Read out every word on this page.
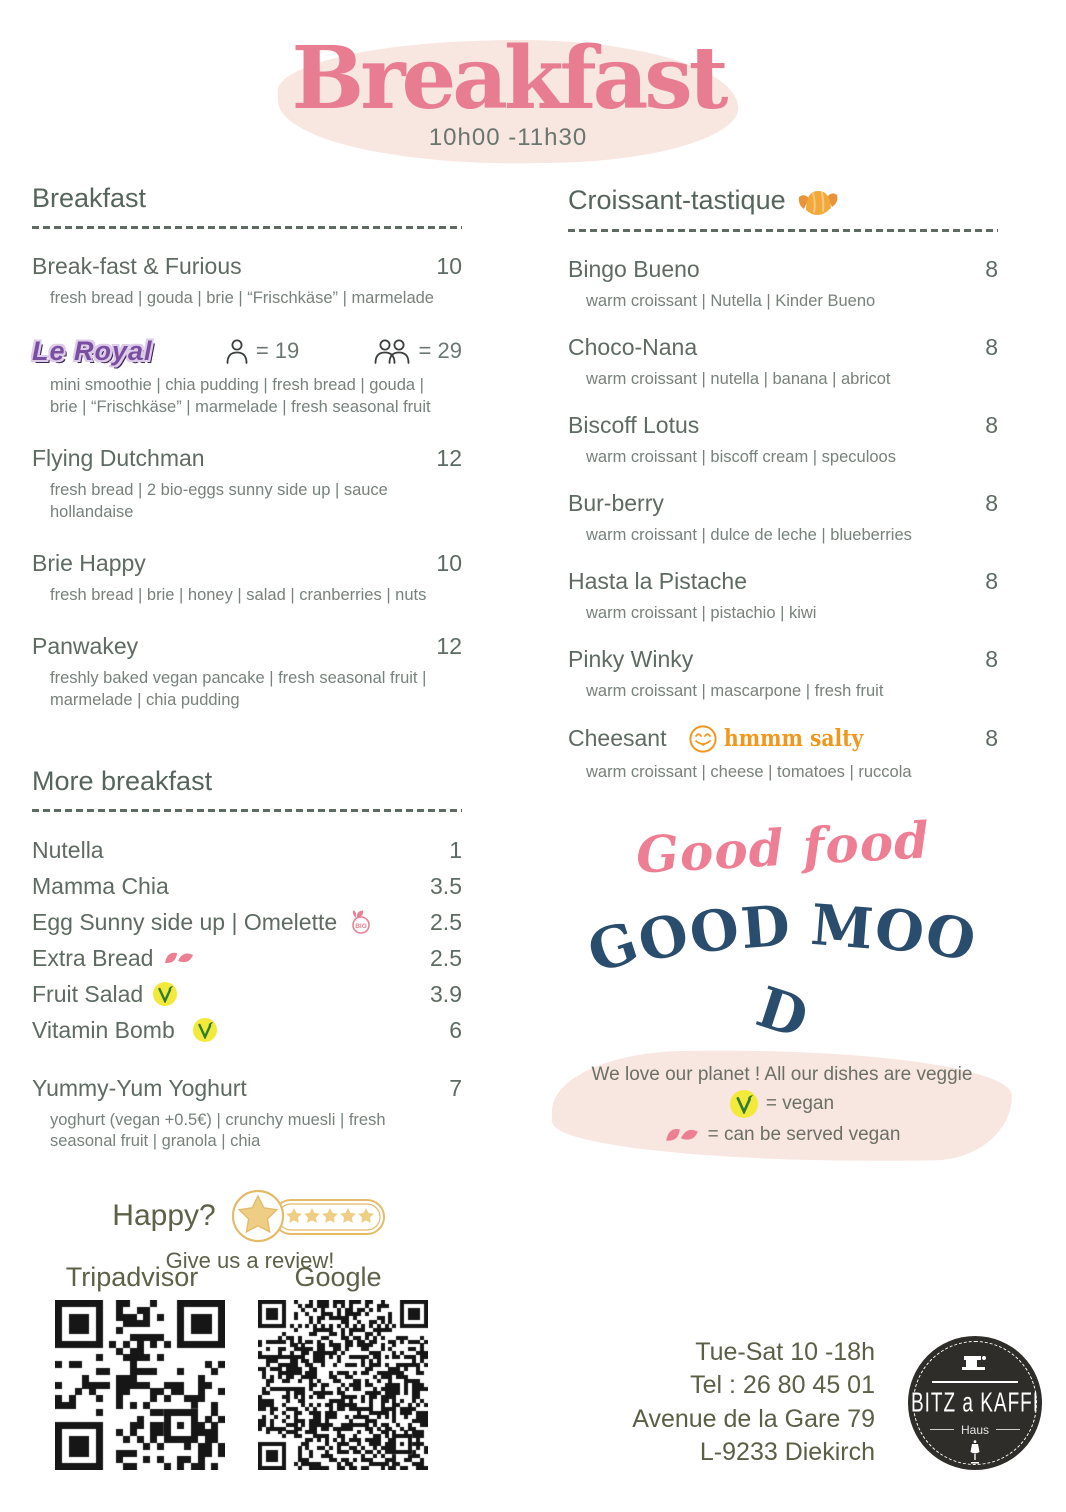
Breakfast
10h00 -11h30
Breakfast
Break-fast & Furious	10
fresh bread | gouda | brie | “Frischkäse” | marmelade
Le Royal	= 19	= 29
mini smoothie | chia pudding | fresh bread | gouda | brie | “Frischkäse” | marmelade | fresh seasonal fruit
Flying Dutchman	12
fresh bread | 2 bio-eggs sunny side up | sauce hollandaise
Brie Happy	10
fresh bread | brie | honey | salad | cranberries | nuts
Panwakey	12
freshly baked vegan pancake | fresh seasonal fruit | marmelade | chia pudding
More breakfast
Nutella	1
Mamma Chia	3.5
Egg Sunny side up | Omelette	BIO	2.5
Extra Bread	2.5
Fruit Salad	3.9
Vitamin Bomb	6
Yummy-Yum Yoghurt	7
yoghurt (vegan +0.5€) | crunchy muesli | fresh seasonal fruit | granola | chia
Croissant-tastique
Bingo Bueno	8
warm croissant | Nutella | Kinder Bueno
Choco-Nana	8
warm croissant | nutella | banana | abricot
Biscoff Lotus	8
warm croissant | biscoff cream | speculoos
Bur-berry	8
warm croissant | dulce de leche | blueberries
Hasta la Pistache	8
warm croissant | pistachio | kiwi
Pinky Winky	8
warm croissant | mascarpone | fresh fruit
Cheesant	hmmm salty	8
warm croissant | cheese | tomatoes | ruccola
Good food
GOOD MOOD
We love our planet ! All our dishes are veggie
= vegan
= can be served vegan
Happy?
Give us a review!
Tripadvisor	Google
Tue-Sat 10 -18h
Tel : 26 80 45 01
Avenue de la Gare 79
L-9233 Diekirch
BITZ a KAFFI
Haus
